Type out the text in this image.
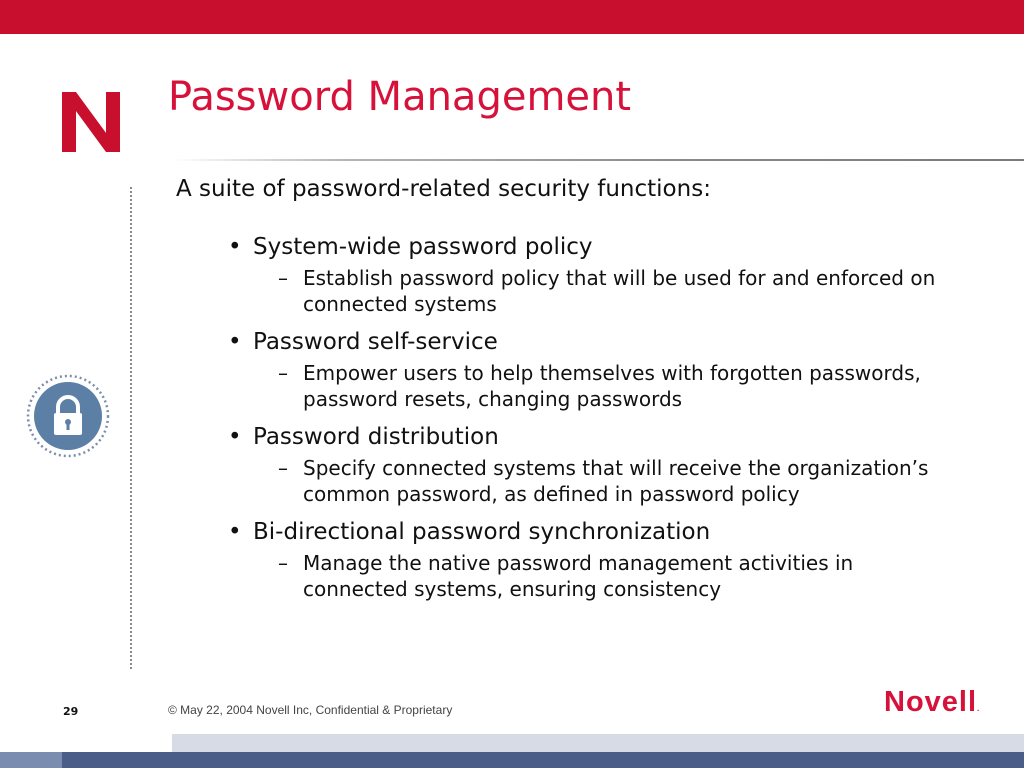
Password Management
A suite of password-related security functions:
• System-wide password policy
– Establish password policy that will be used for and enforced on connected systems
• Password self-service
– Empower users to help themselves with forgotten passwords, password resets, changing passwords
• Password distribution
– Specify connected systems that will receive the organization’s common password, as defined in password policy
• Bi-directional password synchronization
– Manage the native password management activities in connected systems, ensuring consistency
29	© May 22, 2004 Novell Inc, Confidential & Proprietary	Novell.
